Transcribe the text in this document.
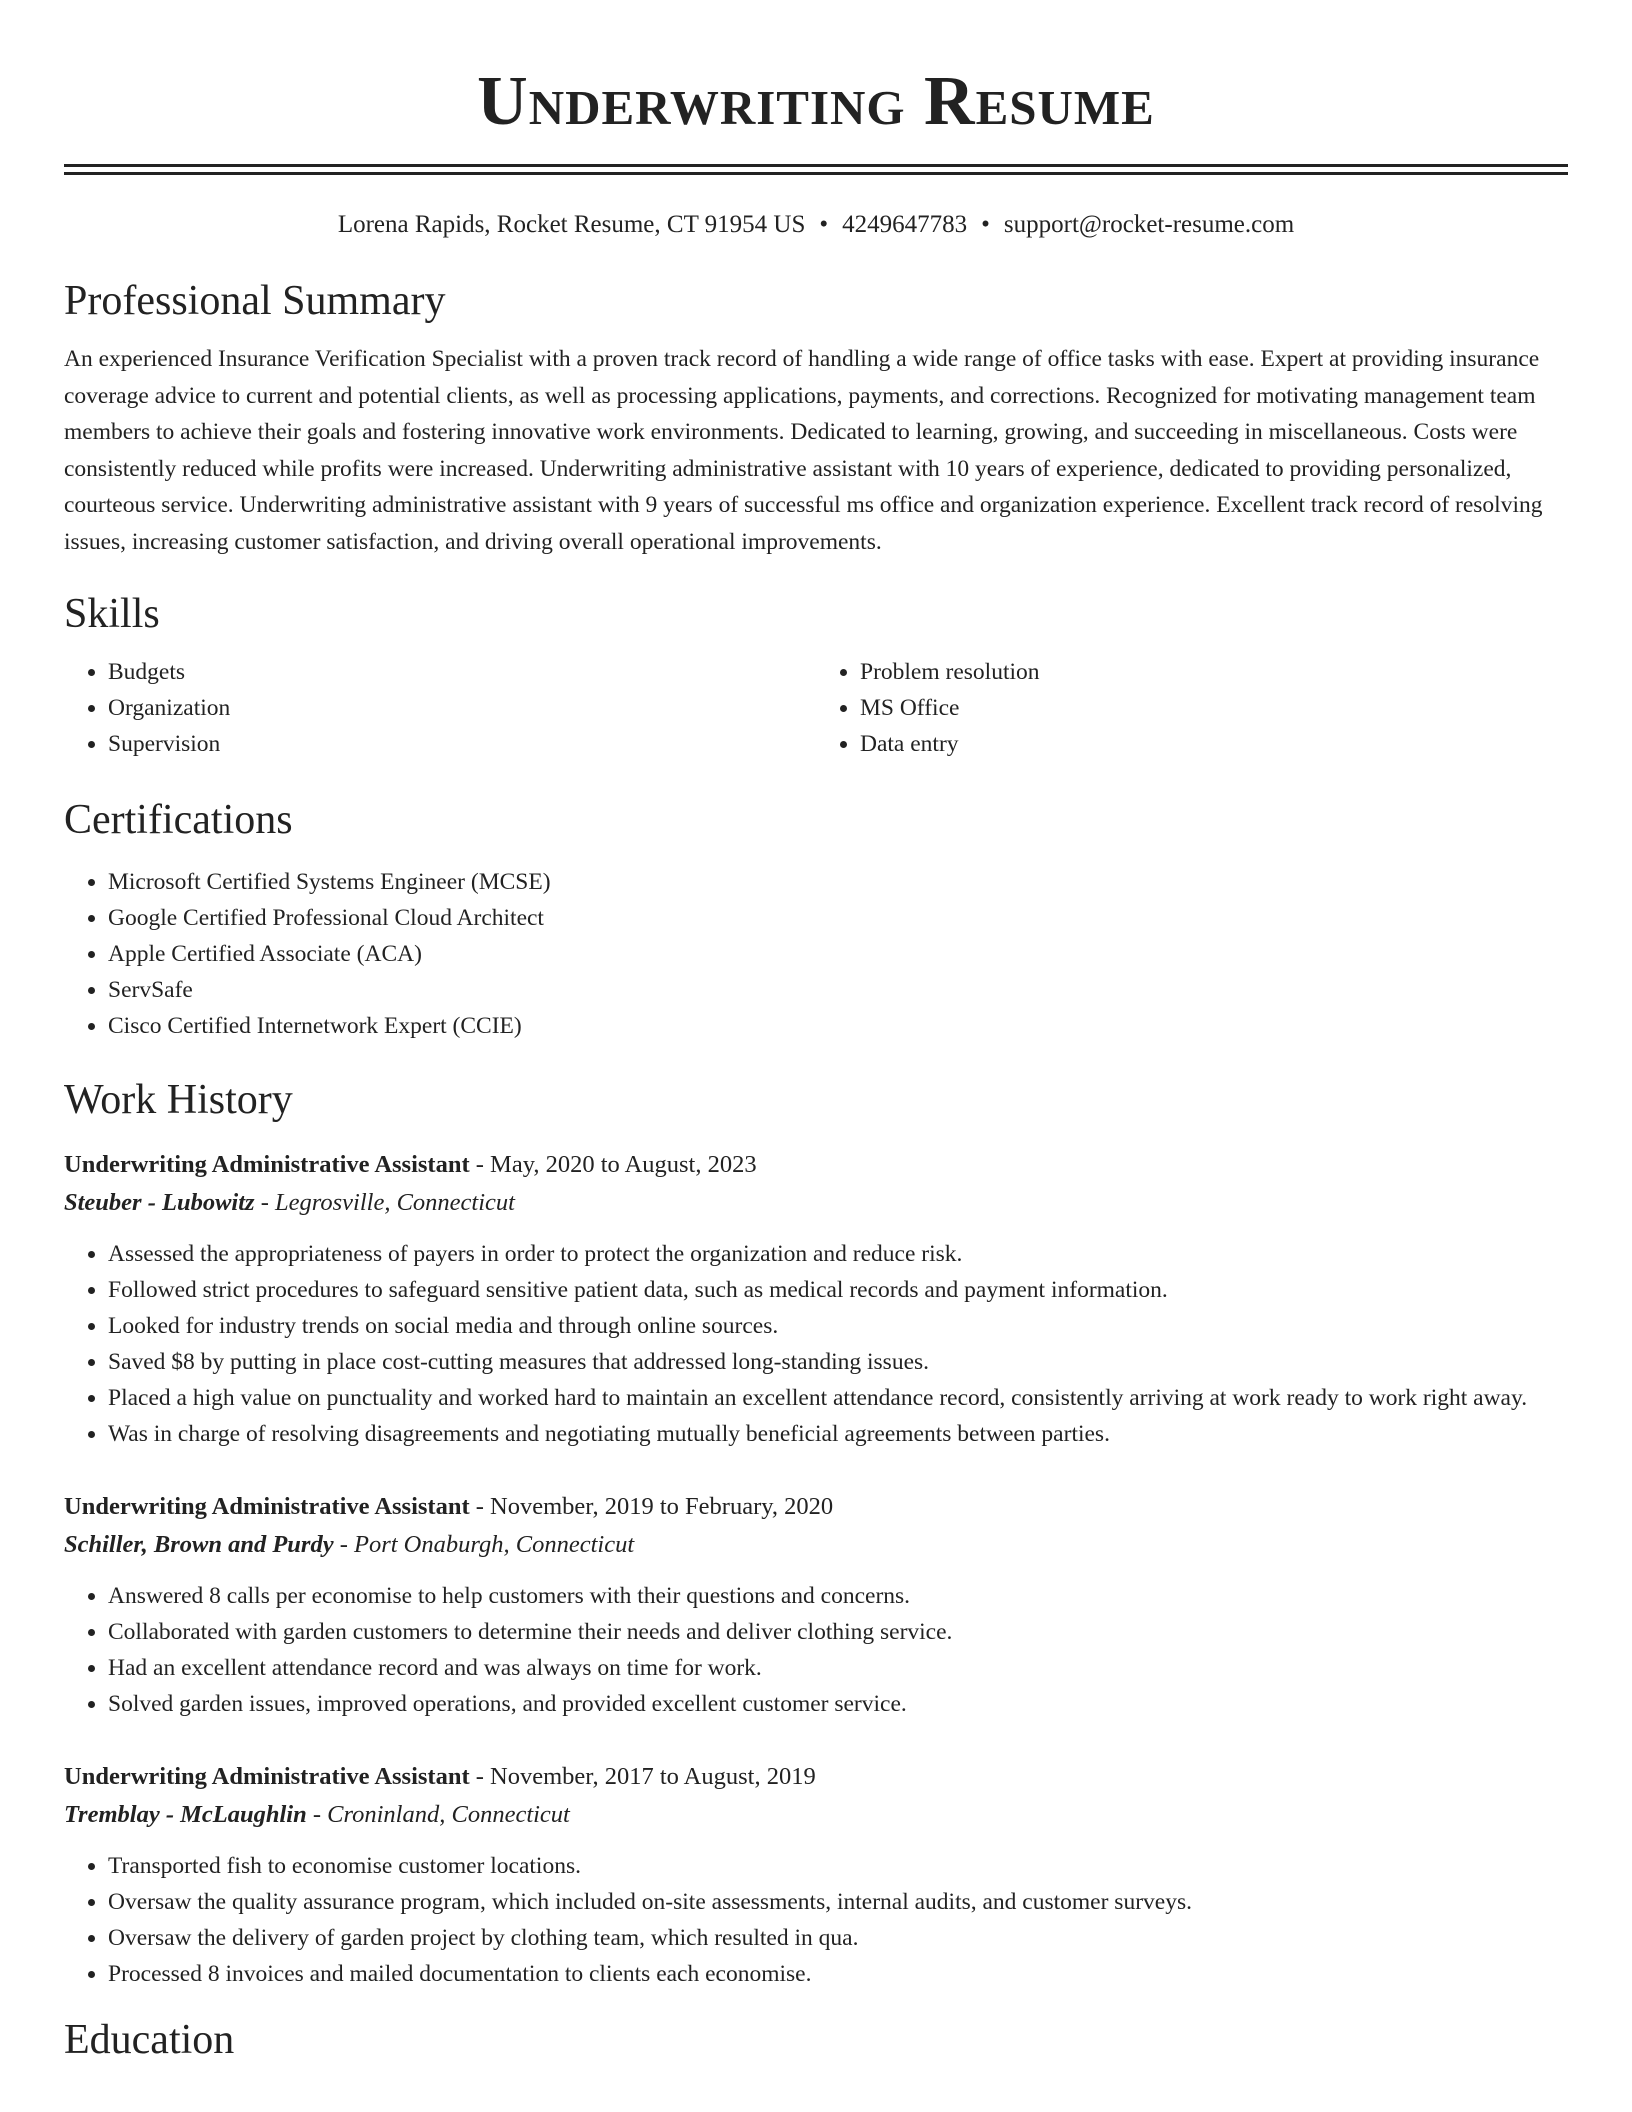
Underwriting Resume
Lorena Rapids, Rocket Resume, CT 91954 US • 4249647783 • support@rocket-resume.com
Professional Summary

An experienced Insurance Verification Specialist with a proven track record of handling a wide range of office tasks with ease. Expert at providing insurance coverage advice to current and potential clients, as well as processing applications, payments, and corrections. Recognized for motivating management team members to achieve their goals and fostering innovative work environments. Dedicated to learning, growing, and succeeding in miscellaneous. Costs were consistently reduced while profits were increased. Underwriting administrative assistant with 10 years of experience, dedicated to providing personalized, courteous service. Underwriting administrative assistant with 9 years of successful ms office and organization experience. Excellent track record of resolving issues, increasing customer satisfaction, and driving overall operational improvements.

Skills
• Budgets
• Organization
• Supervision
• Problem resolution
• MS Office
• Data entry
Certifications
• Microsoft Certified Systems Engineer (MCSE)
• Google Certified Professional Cloud Architect
• Apple Certified Associate (ACA)
• ServSafe
• Cisco Certified Internetwork Expert (CCIE)
Work History
Underwriting Administrative Assistant - May, 2020 to August, 2023
Steuber - Lubowitz - Legrosville, Connecticut
• Assessed the appropriateness of payers in order to protect the organization and reduce risk.
• Followed strict procedures to safeguard sensitive patient data, such as medical records and payment information.
• Looked for industry trends on social media and through online sources.
• Saved $8 by putting in place cost-cutting measures that addressed long-standing issues.
• Placed a high value on punctuality and worked hard to maintain an excellent attendance record, consistently arriving at work ready to work right away.
• Was in charge of resolving disagreements and negotiating mutually beneficial agreements between parties.
Underwriting Administrative Assistant - November, 2019 to February, 2020
Schiller, Brown and Purdy - Port Onaburgh, Connecticut
• Answered 8 calls per economise to help customers with their questions and concerns.
• Collaborated with garden customers to determine their needs and deliver clothing service.
• Had an excellent attendance record and was always on time for work.
• Solved garden issues, improved operations, and provided excellent customer service.
Underwriting Administrative Assistant - November, 2017 to August, 2019
Tremblay - McLaughlin - Croninland, Connecticut
• Transported fish to economise customer locations.
• Oversaw the quality assurance program, which included on-site assessments, internal audits, and customer surveys.
• Oversaw the delivery of garden project by clothing team, which resulted in qua.
• Processed 8 invoices and mailed documentation to clients each economise.
Education
